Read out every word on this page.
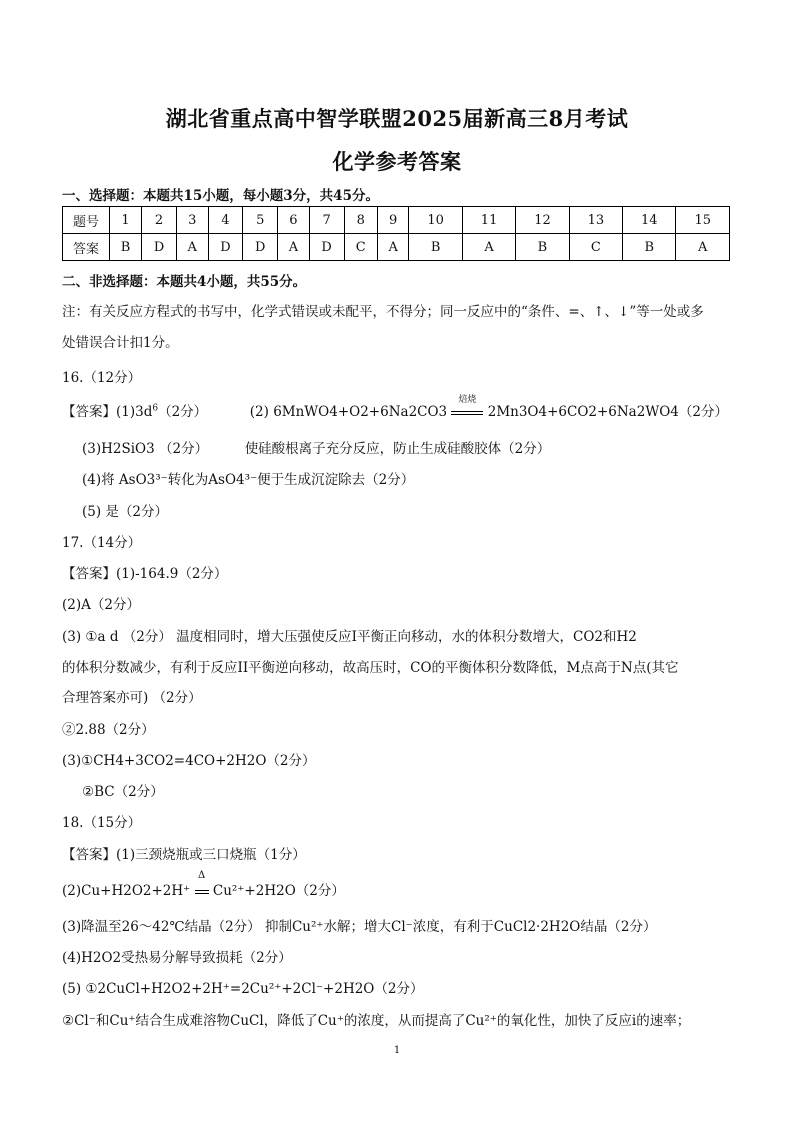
湖北省重点高中智学联盟2025届新高三8月考试
化学参考答案
一、选择题：本题共15小题，每小题3分，共45分。
题号	1	2	3	4	5	6	7	8	9	10	11	12	13	14	15
答案	B	D	A	D	D	A	D	C	A	B	A	B	C	B	A
二、非选择题：本题共4小题，共55分。
注：有关反应方程式的书写中，化学式错误或未配平，不得分；同一反应中的“条件、=、↑、↓”等一处或多
处错误合计扣1分。
16.（12分）
【答案】$(1)3d^6(2$分）	(2) 6MnWO4+O2+6Na2CO3
焙烧
2Mn3O4+6CO2+6Na2WO4（2分）
(3)H2SiO3 （2分）	使硅酸根离子充分反应，防止生成硅酸胶体（2分）
(4)将 AsO3³⁻转化为AsO4³⁻便于生成沉淀除去（2分）
(5) 是（2分）
17.（14分）
【答案】(1)-164.9（2分）
(2)A（2分）
(3) ①a d （2分） 温度相同时，增大压强使反应I平衡正向移动，水的体积分数增大，CO2和H2
的体积分数减少，有利于反应II平衡逆向移动，故高压时，CO的平衡体积分数降低，M点高于N点(其它
合理答案亦可) （2分）
②2.88（2分）
(3)①CH4+3CO2=4CO+2H2O（2分）
②BC（2分）
18.（15分）
【答案】(1)三颈烧瓶或三口烧瓶（1分）
(2)Cu+H2O2+2H⁺
Δ
Cu²⁺+2H2O（2分）
(3)降温至26～42℃结晶（2分） 抑制Cu²⁺水解；增大Cl⁻浓度，有利于CuCl2·2H2O结晶（2分）
(4)H2O2受热易分解导致损耗（2分）
(5) ①2CuCl+H2O2+2H⁺=2Cu²⁺+2Cl⁻+2H2O（2分）
②Cl⁻和Cu⁺结合生成难溶物CuCl，降低了Cu⁺的浓度，从而提高了Cu²⁺的氧化性，加快了反应i的速率；
1
